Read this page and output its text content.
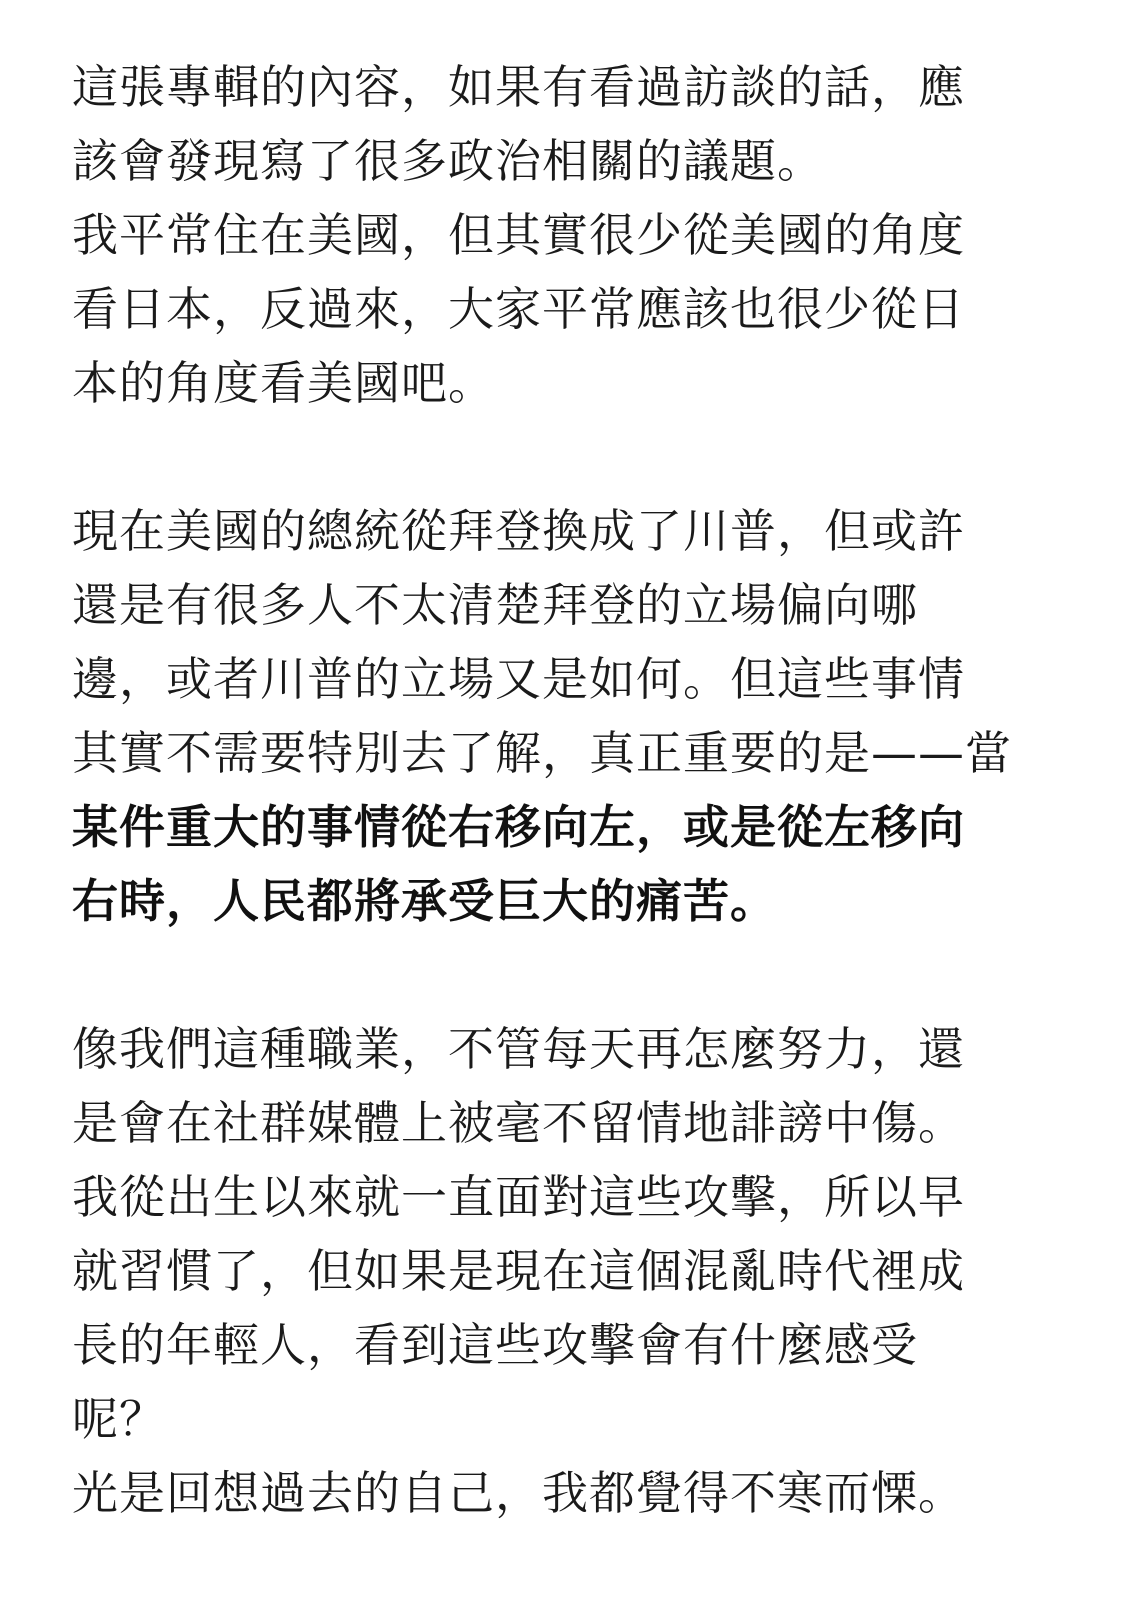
這張專輯的內容，如果有看過訪談的話，應
該會發現寫了很多政治相關的議題。
我平常住在美國，但其實很少從美國的角度
看日本，反過來，大家平常應該也很少從日
本的角度看美國吧。
現在美國的總統從拜登換成了川普，但或許
還是有很多人不太清楚拜登的立場偏向哪
邊，或者川普的立場又是如何。但這些事情
其實不需要特別去了解，真正重要的是——當
某件重大的事情從右移向左，或是從左移向
右時，人民都將承受巨大的痛苦。
像我們這種職業，不管每天再怎麼努力，還
是會在社群媒體上被毫不留情地誹謗中傷。
我從出生以來就一直面對這些攻擊，所以早
就習慣了，但如果是現在這個混亂時代裡成
長的年輕人，看到這些攻擊會有什麼感受
呢？
光是回想過去的自己，我都覺得不寒而慄。
